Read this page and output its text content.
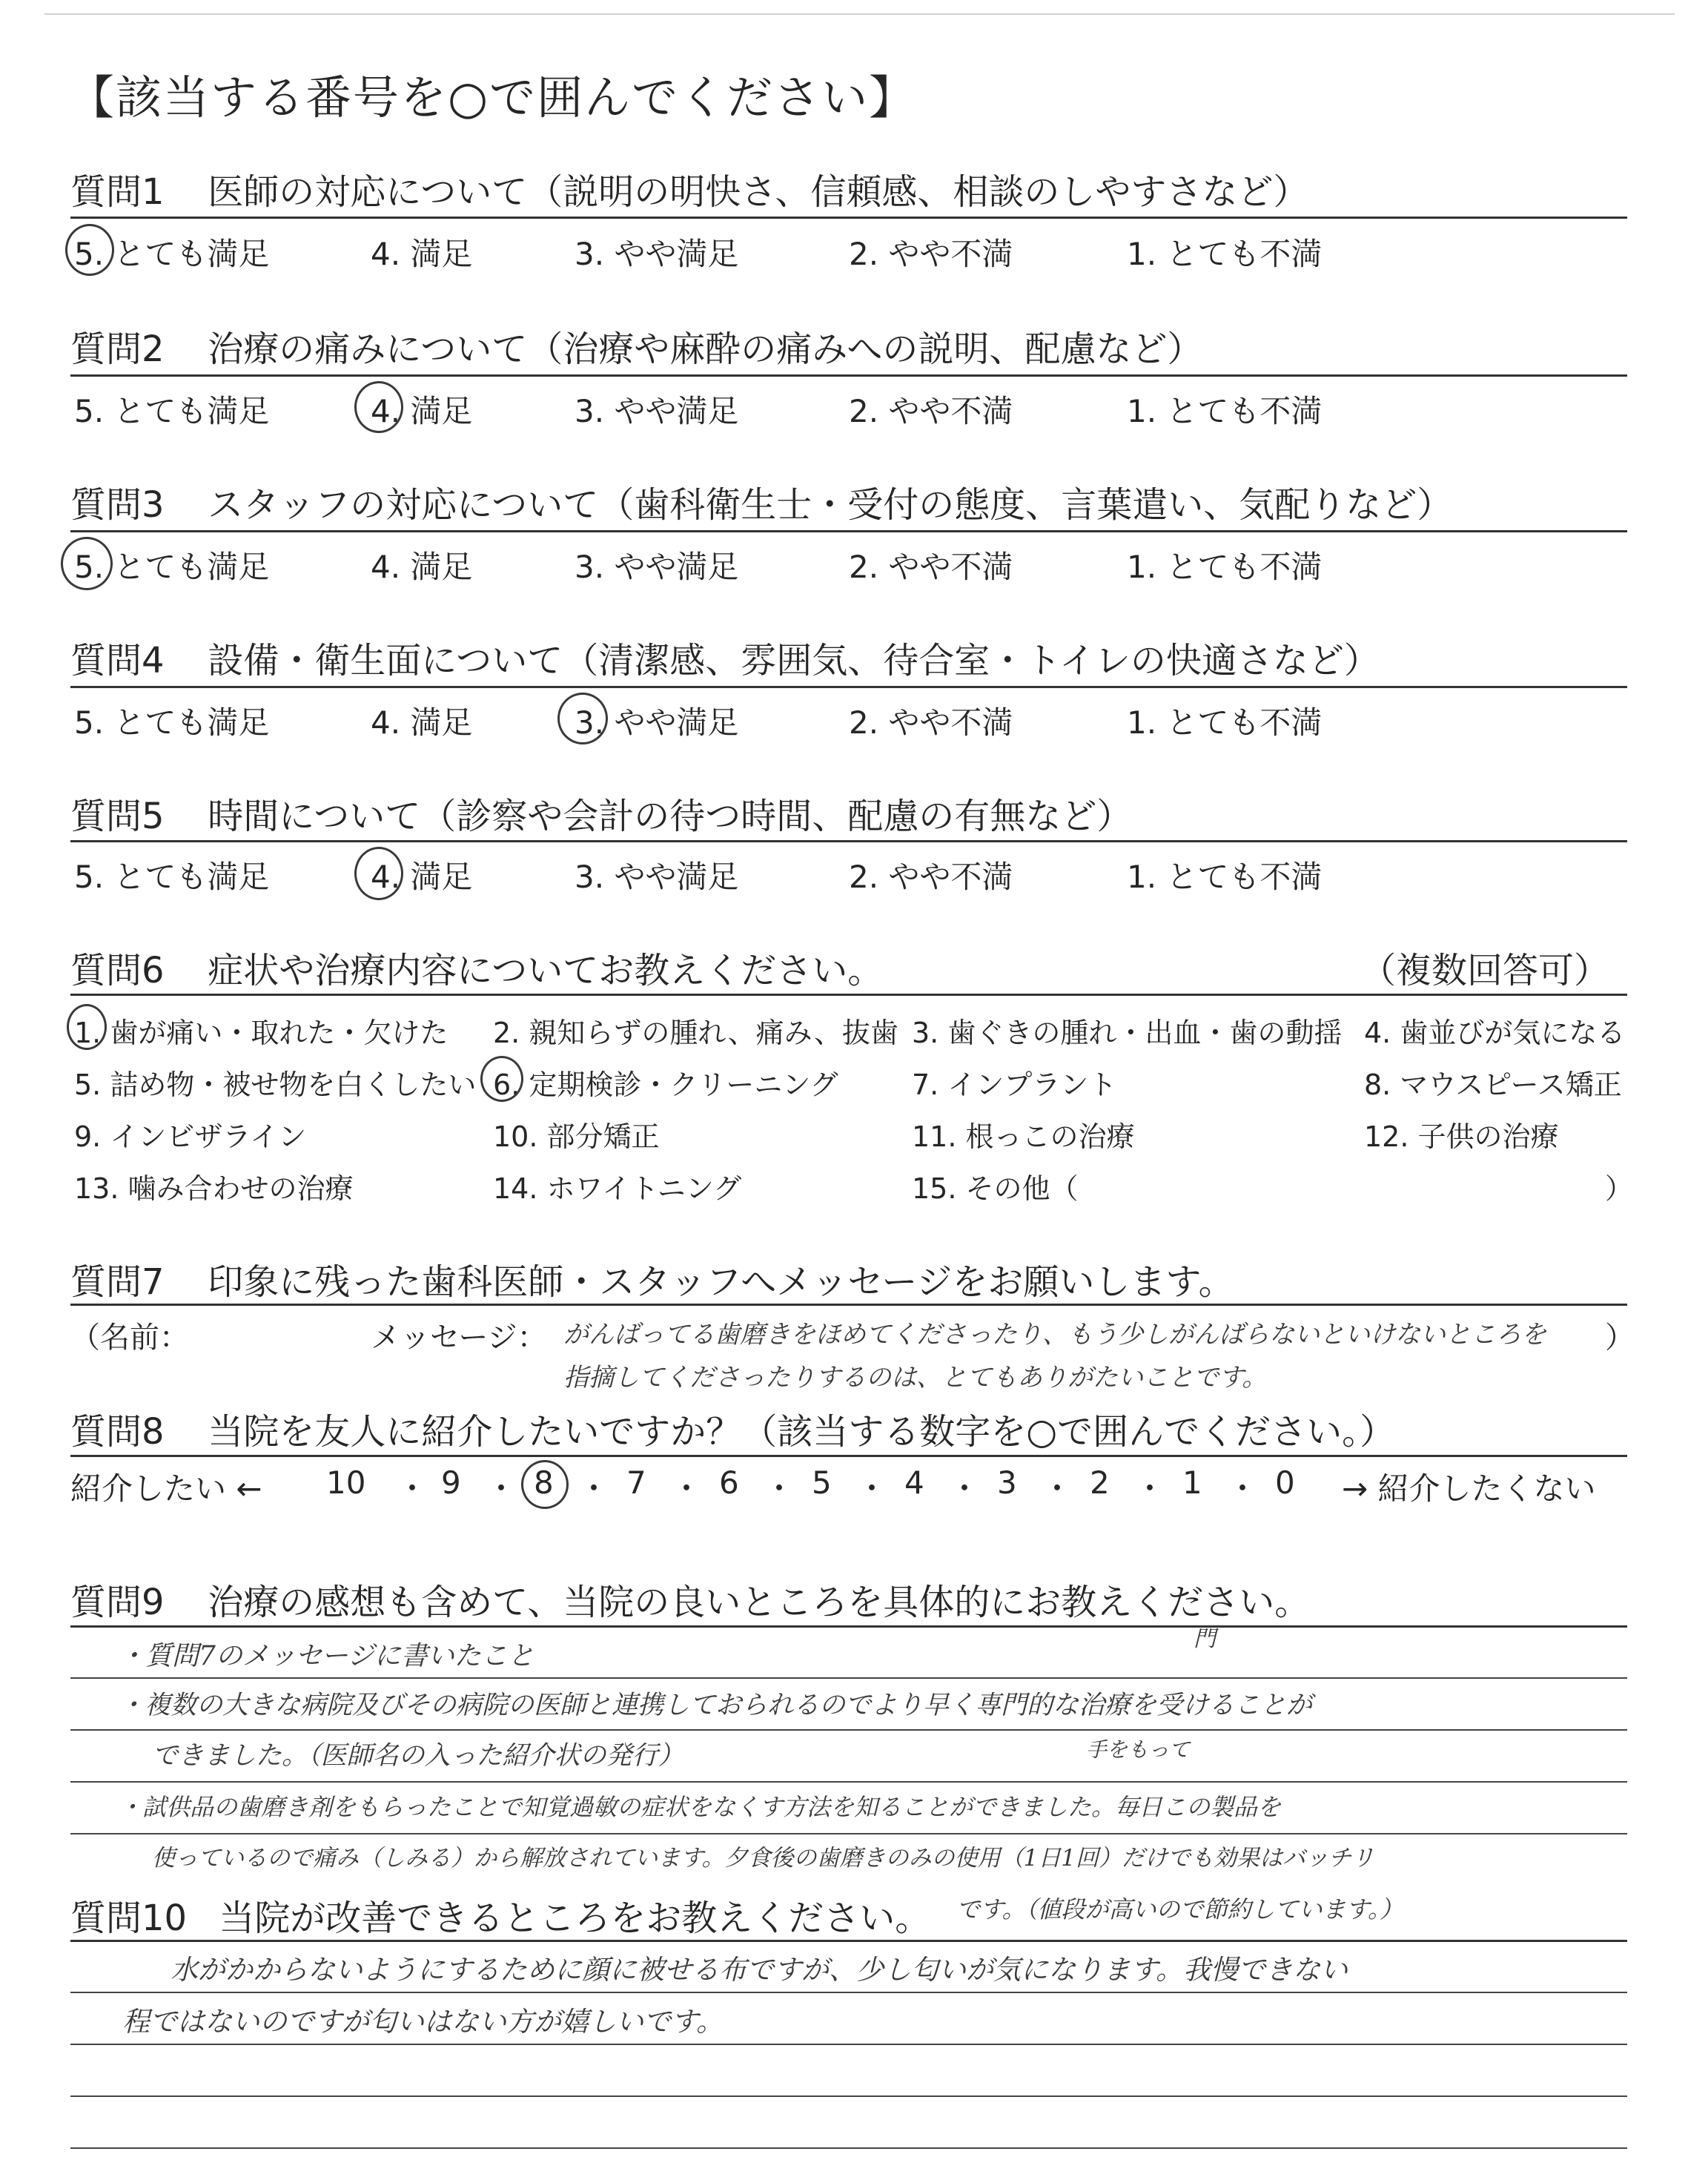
【該当する番号を○で囲んでください】
質問1 医師の対応について（説明の明快さ、信頼感、相談のしやすさなど）
5. とても満足	4. 満足	3. やや満足	2. やや不満	1. とても不満
質問2 治療の痛みについて（治療や麻酔の痛みへの説明、配慮など）
5. とても満足	4. 満足	3. やや満足	2. やや不満	1. とても不満
質問3 スタッフの対応について（歯科衛生士・受付の態度、言葉遣い、気配りなど）
5. とても満足	4. 満足	3. やや満足	2. やや不満	1. とても不満
質問4 設備・衛生面について（清潔感、雰囲気、待合室・トイレの快適さなど）
5. とても満足	4. 満足	3. やや満足	2. やや不満	1. とても不満
質問5 時間について（診察や会計の待つ時間、配慮の有無など）
5. とても満足	4. 満足	3. やや満足	2. やや不満	1. とても不満
質問6 症状や治療内容についてお教えください。	（複数回答可）
1. 歯が痛い・取れた・欠けた 2. 親知らずの腫れ、痛み、抜歯 3. 歯ぐきの腫れ・出血・歯の動揺 4. 歯並びが気になる
5. 詰め物・被せ物を白くしたい 6. 定期検診・クリーニング	7. インプラント	8. マウスピース矯正
9. インビザライン	10. 部分矯正	11. 根っこの治療	12. 子供の治療
13. 噛み合わせの治療	14. ホワイトニング	15. その他（	）
質問7 印象に残った歯科医師・スタッフへメッセージをお願いします。
（名前：	メッセージ：	）
がんばってる歯磨きをほめてくださったり、もう少しがんばらないといけないところを
指摘してくださったりするのは、とてもありがたいことです。
質問8 当院を友人に紹介したいですか？（該当する数字を○で囲んでください。）
紹介したい ← 10 ・ 9 ・ 8 ・ 7 ・ 6 ・ 5 ・ 4 ・ 3 ・ 2 ・ 1 ・ 0 → 紹介したくない
質問9 治療の感想も含めて、当院の良いところを具体的にお教えください。
・質問7のメッセージに書いたこと
門
・複数の大きな病院及びその病院の医師と連携しておられるのでより早く専門的な治療を受けることが
できました。（医師名の入った紹介状の発行）	手をもって
・試供品の歯磨き剤をもらったことで知覚過敏の症状をなくす方法を知ることができました。毎日この製品を
使っているので痛み（しみる）から解放されています。夕食後の歯磨きのみの使用（1日1回）だけでも効果はバッチリ
です。（値段が高いので節約しています。）
質問10 当院が改善できるところをお教えください。
水がかからないようにするために顔に被せる布ですが、少し匂いが気になります。我慢できない
程ではないのですが匂いはない方が嬉しいです。
